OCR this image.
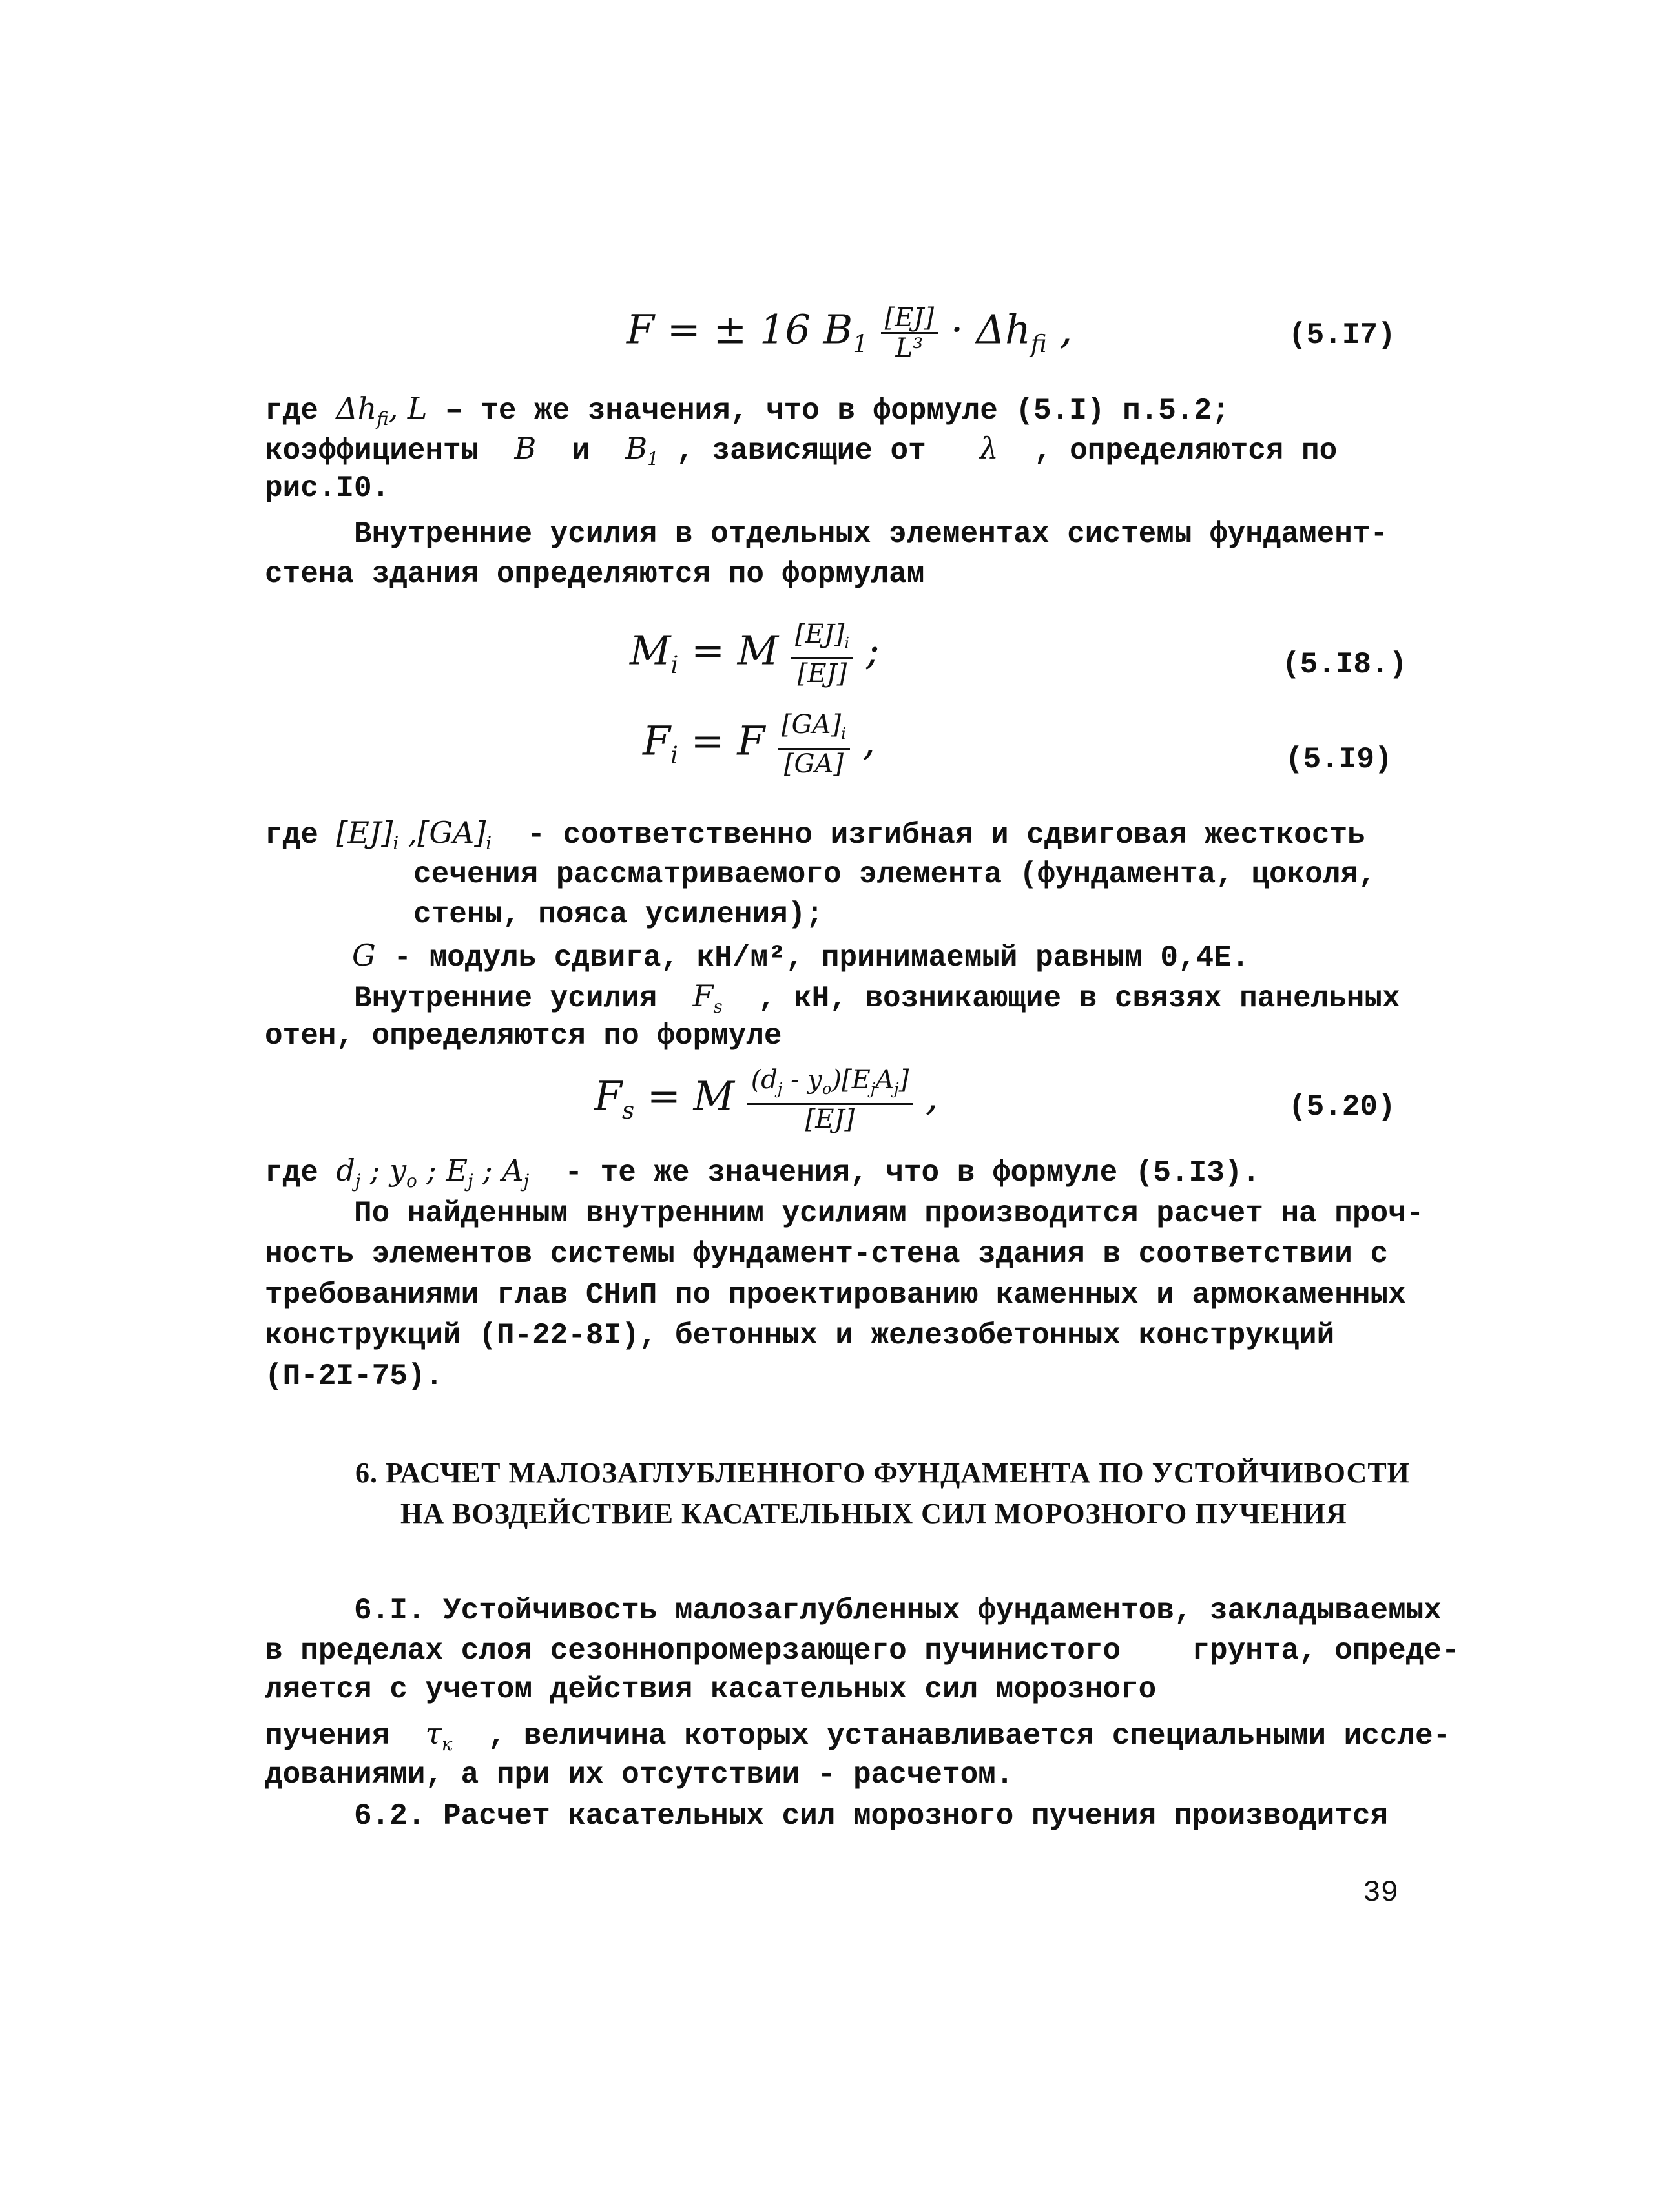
F = ± 16 $B_1 \frac{[EJ]}{\text{L³}} \cdot \Delta h_{fi}$ ,	(5.I7)
где $\Delta h_{fi}$, L – те же значения, что в формуле (5.I) п.5.2;
коэффициенты  B  и  $B_1$ , зависящие от   λ  , определяются по
рис.I0.
Внутренние усилия в отдельных элементах системы фундамент-
стена здания определяются по формулам
$M_i = M \frac{[EJ]_i}{[EJ]}$ ;	(5.I8.)
$F_i = F \frac{[GA]_i}{[GA]}$ ,	(5.I9)
где $[EJ]_i$ $,[GA]_i$  - соответственно изгибная и сдвиговая жесткость
сечения рассматриваемого элемента (фундамента, цоколя,
стены, пояса усиления);
G - модуль сдвига, кН/м², принимаемый равным 0,4E.
Внутренние усилия  $F_s$  , кН, возникающие в связях панельных
отен, определяются по формуле
$F_s = M \frac{(d_j - y_o)[E_jA_j]}{[EJ]}$ ,	(5.20)
где $d_j$ ; $y_o$ ; $E_j$ ; $A_j$  - те же значения, что в формуле (5.I3).
По найденным внутренним усилиям производится расчет на проч-
ность элементов системы фундамент-стена здания в соответствии с
требованиями глав СНиП по проектированию каменных и армокаменных
конструкций (П-22-8I), бетонных и железобетонных конструкций
(П-2I-75).
6. РАСЧЕТ МАЛОЗАГЛУБЛЕННОГО ФУНДАМЕНТА ПО УСТОЙЧИВОСТИ
НА ВОЗДЕЙСТВИЕ КАСАТЕЛЬНЫХ СИЛ МОРОЗНОГО ПУЧЕНИЯ
6.I. Устойчивость малозаглубленных фундаментов, закладываемых
в пределах слоя сезоннопромерзающего пучинистого    грунта, опреде-
ляется с учетом действия касательных сил морозного
пучения  $\tau_к$  , величина которых устанавливается специальными иссле-
дованиями, а при их отсутствии - расчетом.
6.2. Расчет касательных сил морозного пучения производится
39
